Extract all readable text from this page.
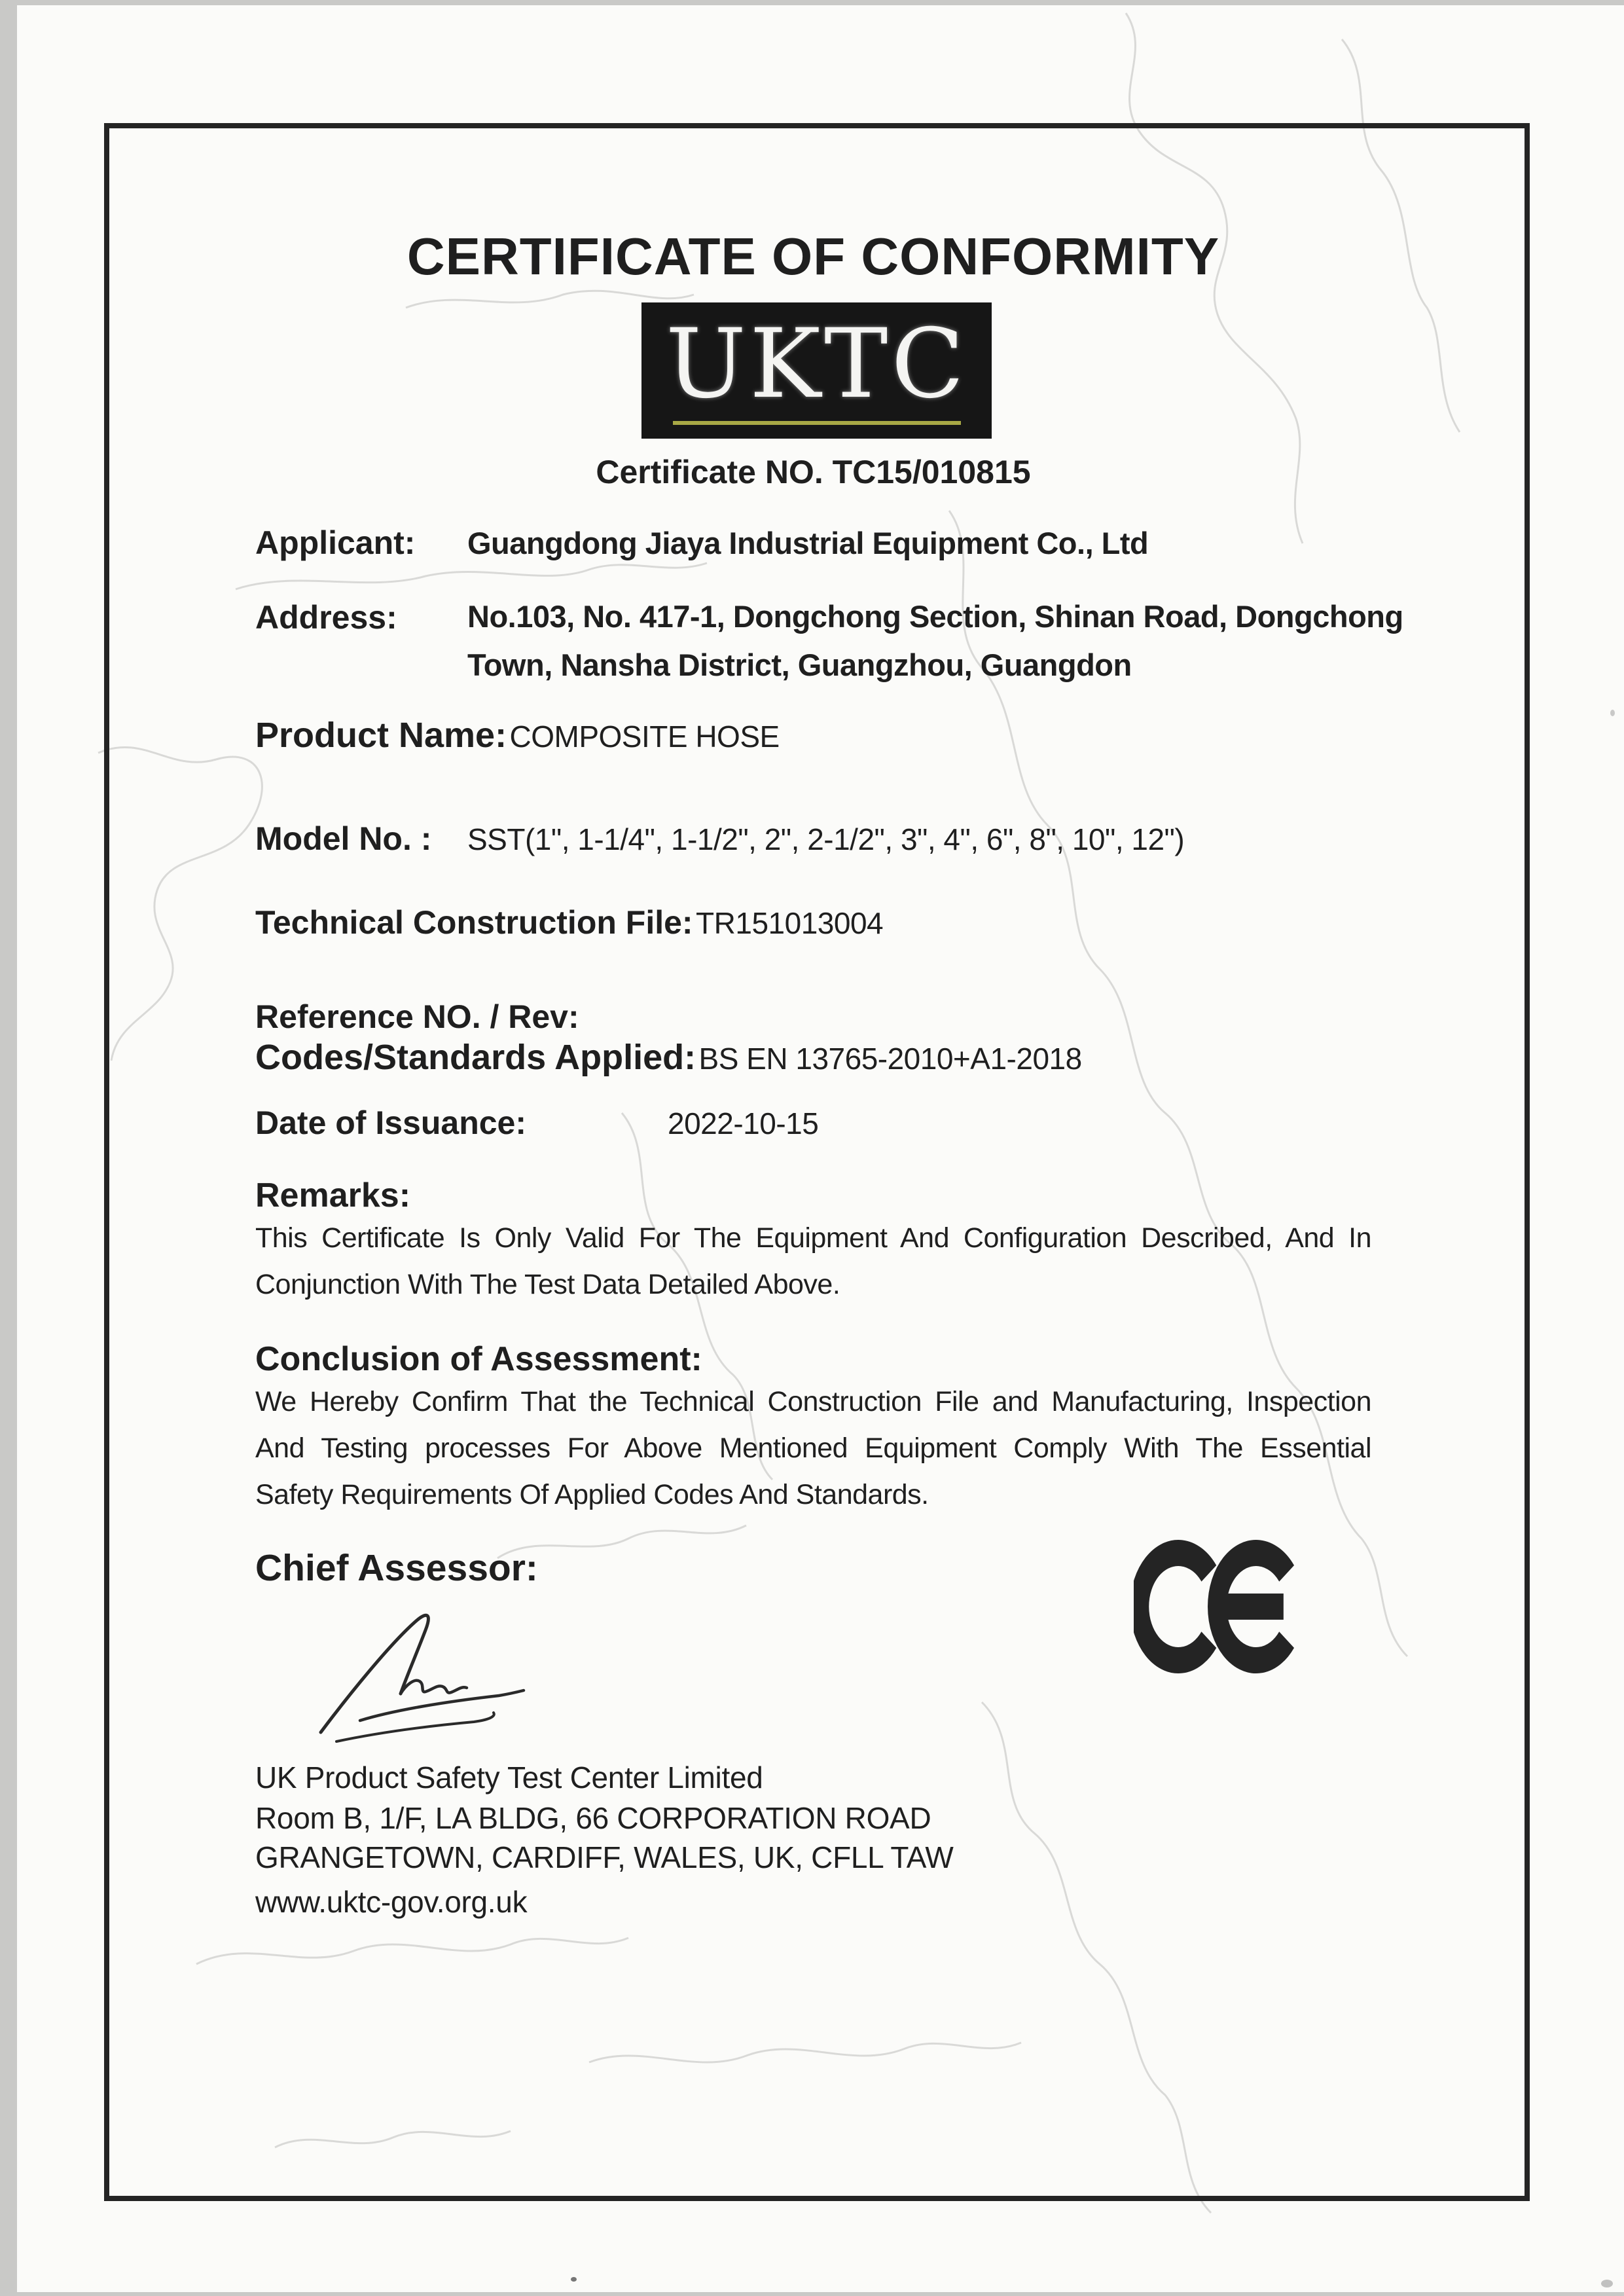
CERTIFICATE OF CONFORMITY
UKTC
Certificate NO. TC15/010815
Applicant: Guangdong Jiaya Industrial Equipment Co., Ltd
Address: No.103, No. 417-1, Dongchong Section, Shinan Road, Dongchong
Town, Nansha District, Guangzhou, Guangdon
Product Name: COMPOSITE HOSE
Model No. : SST(1", 1-1/4", 1-1/2", 2", 2-1/2", 3", 4", 6", 8", 10", 12")
Technical Construction File: TR151013004
Reference NO. / Rev:
Codes/Standards Applied: BS EN 13765-2010+A1-2018
Date of Issuance:	2022-10-15
Remarks:
This Certificate Is Only Valid For The Equipment And Configuration Described, And In
Conjunction With The Test Data Detailed Above.
Conclusion of Assessment:
We Hereby Confirm That the Technical Construction File and Manufacturing, Inspection
And Testing processes For Above Mentioned Equipment Comply With The Essential
Safety Requirements Of Applied Codes And Standards.
Chief Assessor:
UK Product Safety Test Center Limited
Room B, 1/F, LA BLDG, 66 CORPORATION ROAD
GRANGETOWN, CARDIFF, WALES, UK, CFLL TAW
www.uktc-gov.org.uk
